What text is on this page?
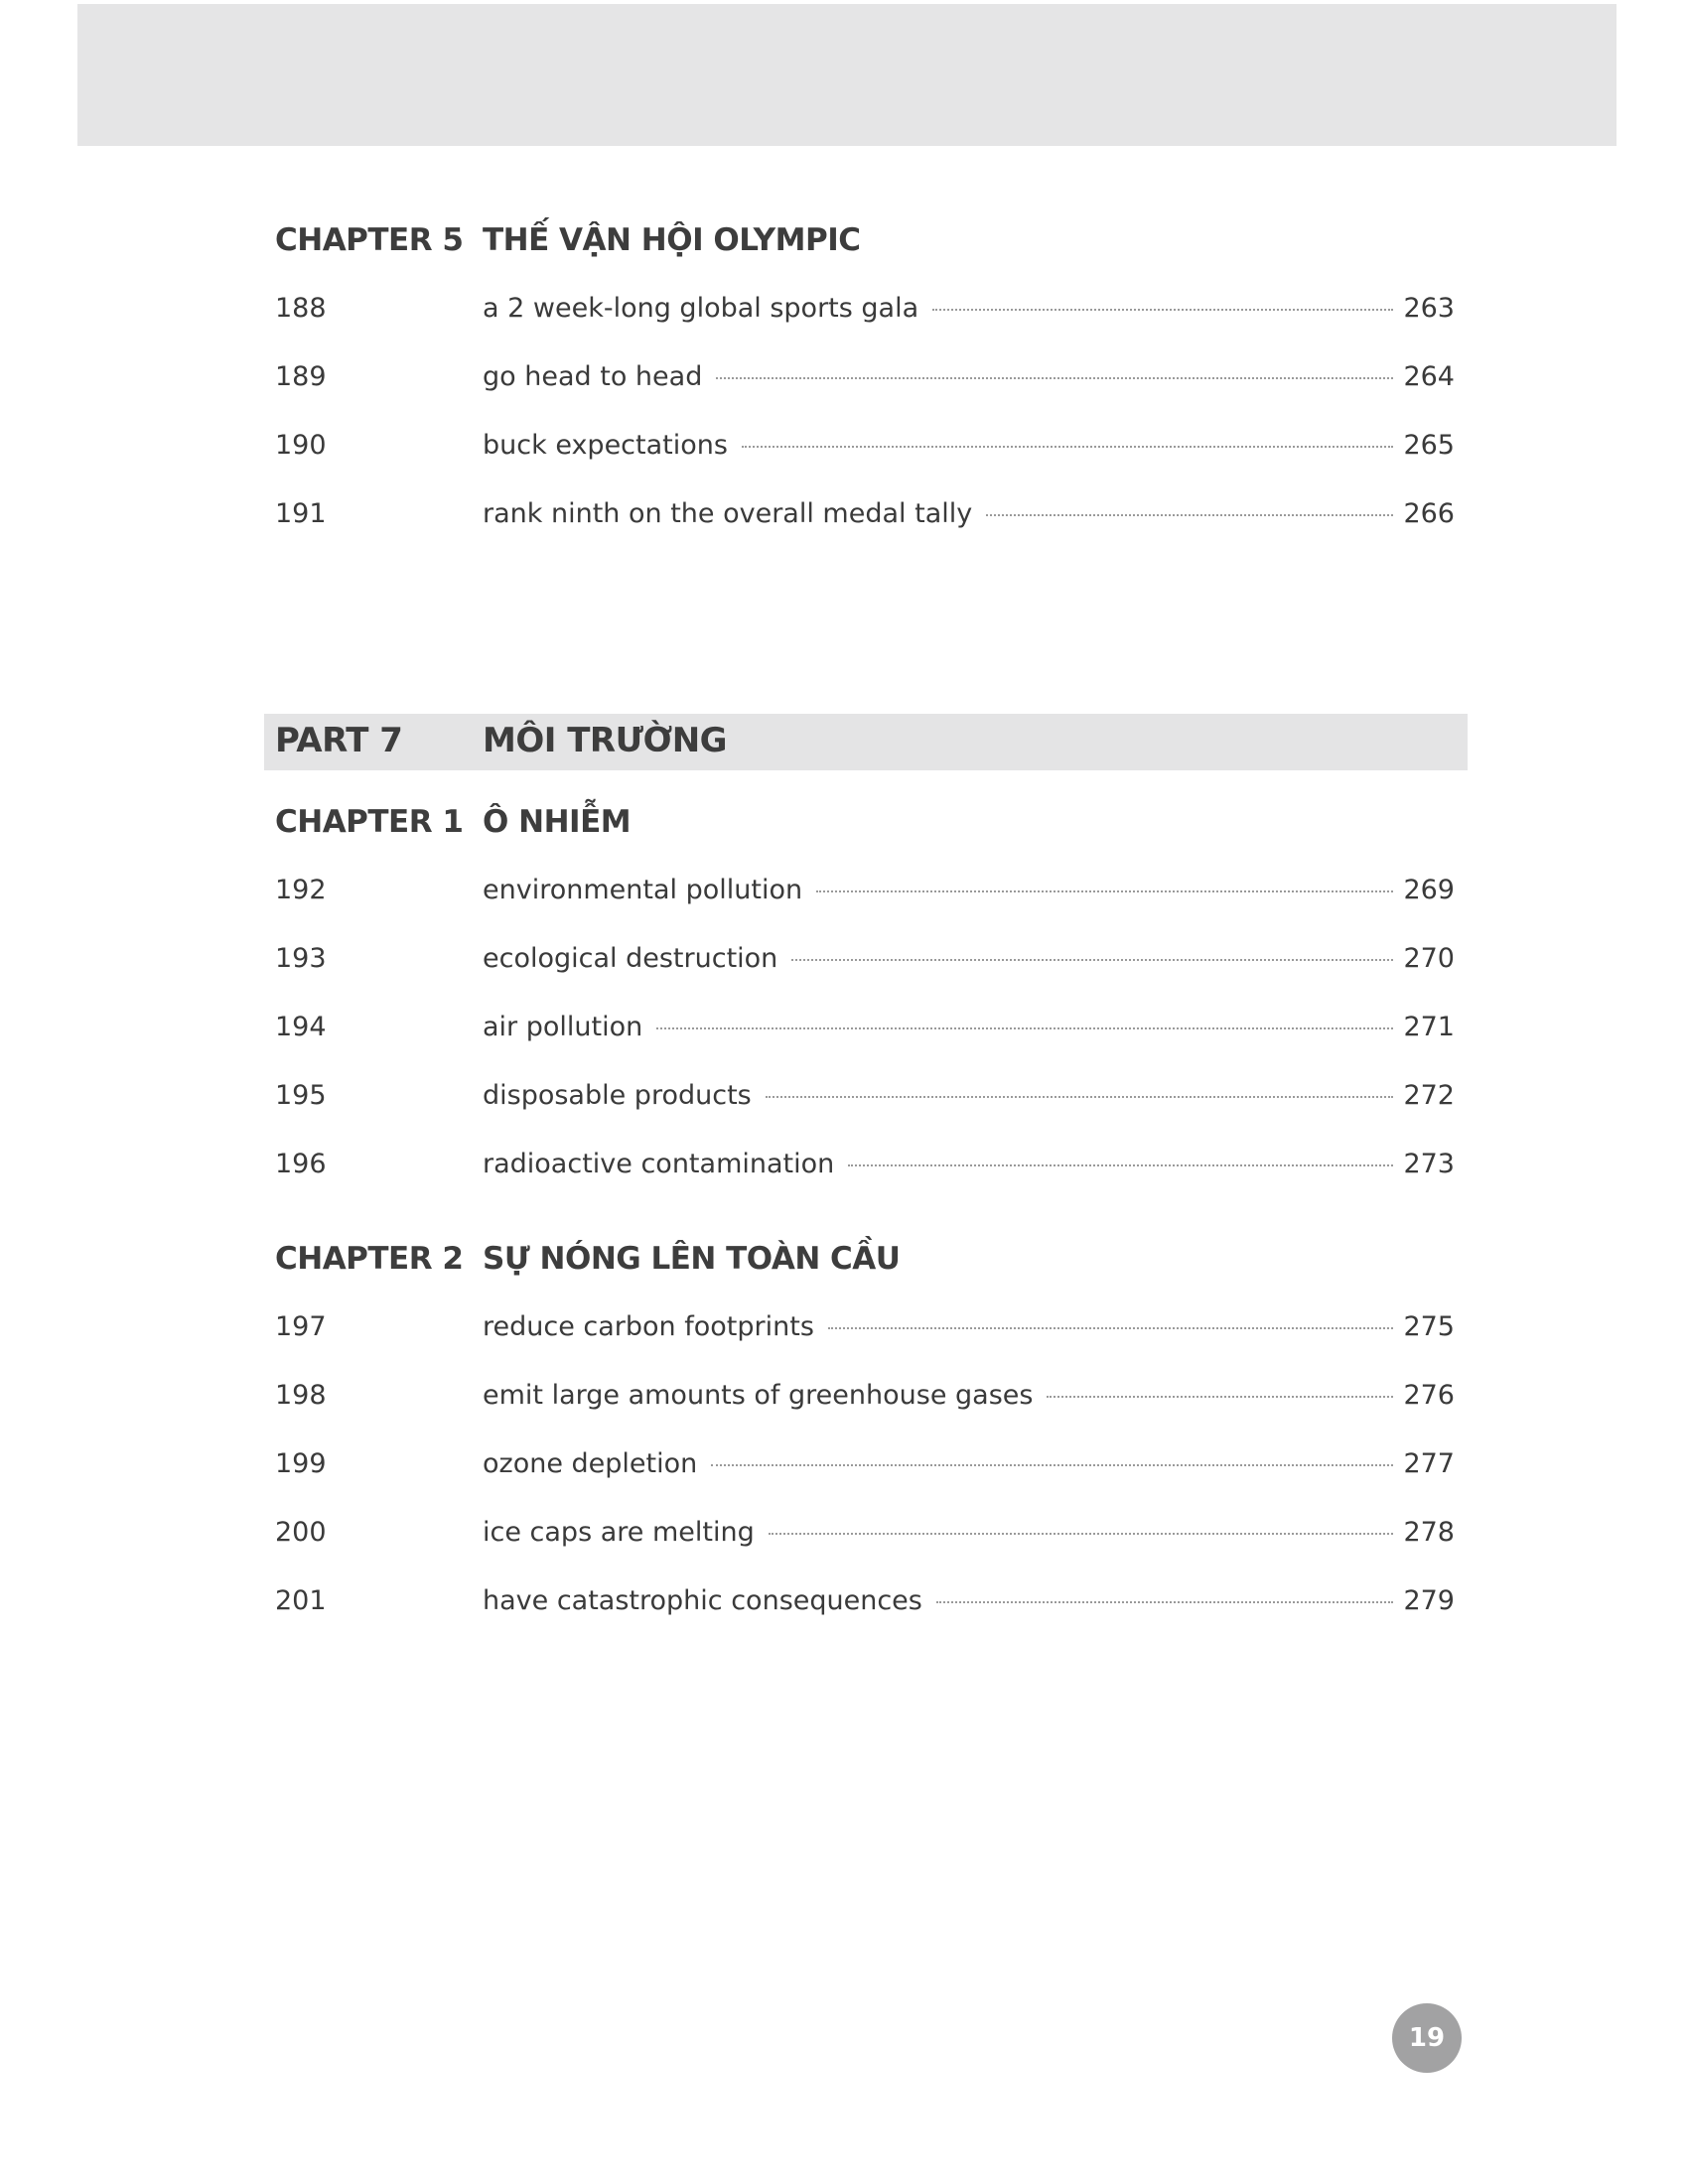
CHAPTER 5 THẾ VẬN HỘI OLYMPIC
188	a 2 week-long global sports gala	263
189	go head to head	264
190	buck expectations	265
191	rank ninth on the overall medal tally	266
PART 7 MÔI TRƯỜNG
CHAPTER 1 Ô NHIỄM
192	environmental pollution	269
193	ecological destruction	270
194	air pollution	271
195	disposable products	272
196	radioactive contamination	273
CHAPTER 2 SỰ NÓNG LÊN TOÀN CẦU
197	reduce carbon footprints	275
198	emit large amounts of greenhouse gases	276
199	ozone depletion	277
200	ice caps are melting	278
201	have catastrophic consequences	279
19
